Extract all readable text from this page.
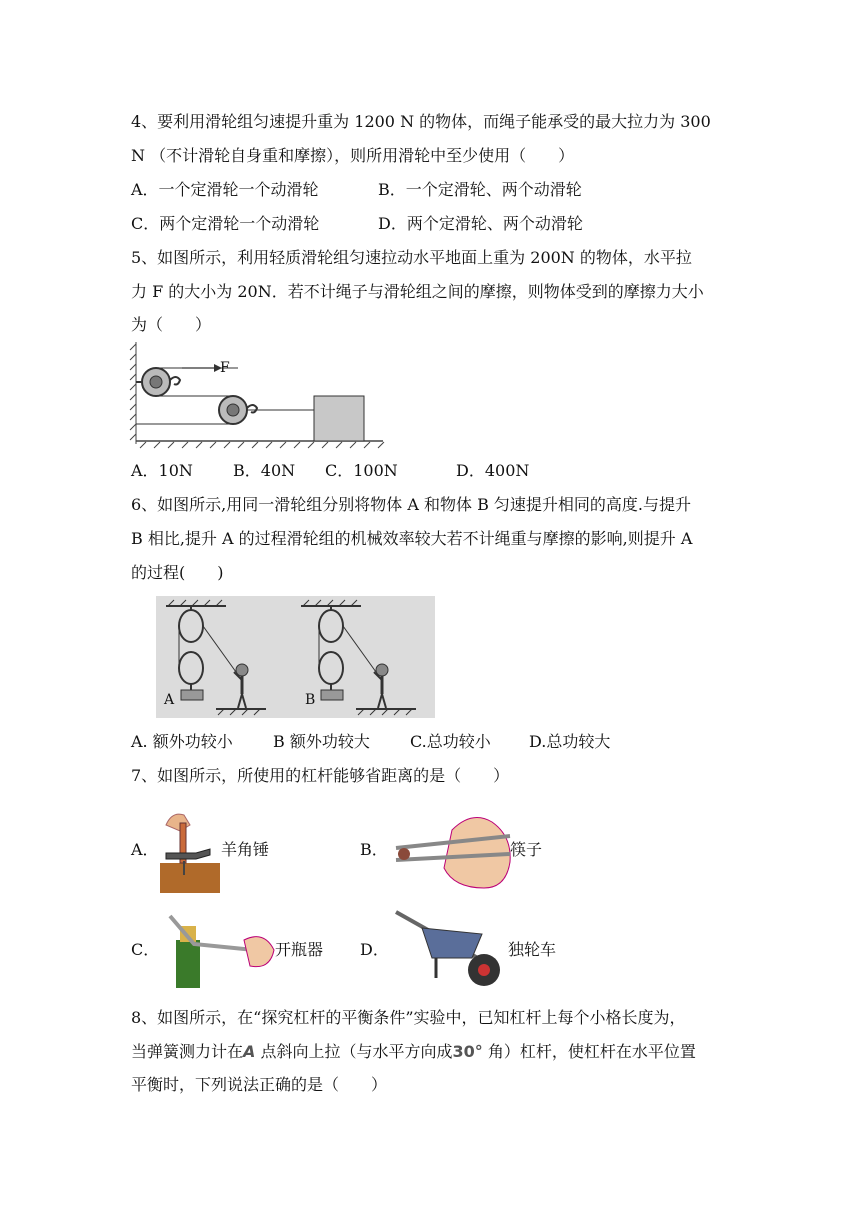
4、要利用滑轮组匀速提升重为 1200 N 的物体，而绳子能承受的最大拉力为 300
N （不计滑轮自身重和摩擦），则所用滑轮中至少使用（　　）
A．一个定滑轮一个动滑轮	B．一个定滑轮、两个动滑轮
C．两个定滑轮一个动滑轮	D．两个定滑轮、两个动滑轮
5、如图所示，利用轻质滑轮组匀速拉动水平地面上重为 200N 的物体，水平拉
力 F 的大小为 20N．若不计绳子与滑轮组之间的摩擦，则物体受到的摩擦力大小
为（　　）
F
A．10N	B．40N C．100N	D．400N
6、如图所示,用同一滑轮组分别将物体 A 和物体 B 匀速提升相同的高度.与提升
B 相比,提升 A 的过程滑轮组的机械效率较大若不计绳重与摩擦的影响,则提升 A
的过程(　　)
A	B
A. 额外功较小	B 额外功较大	C.总功较小 D.总功较大
7、如图所示，所使用的杠杆能够省距离的是（　　）
A．	羊角锤	B．	筷子
C．	开瓶器 D．	独轮车
8、如图所示，在“探究杠杆的平衡条件”实验中，已知杠杆上每个小格长度为，
当弹簧测力计在A 点斜向上拉（与水平方向成30° 角）杠杆，使杠杆在水平位置
平衡时，下列说法正确的是（　　）
